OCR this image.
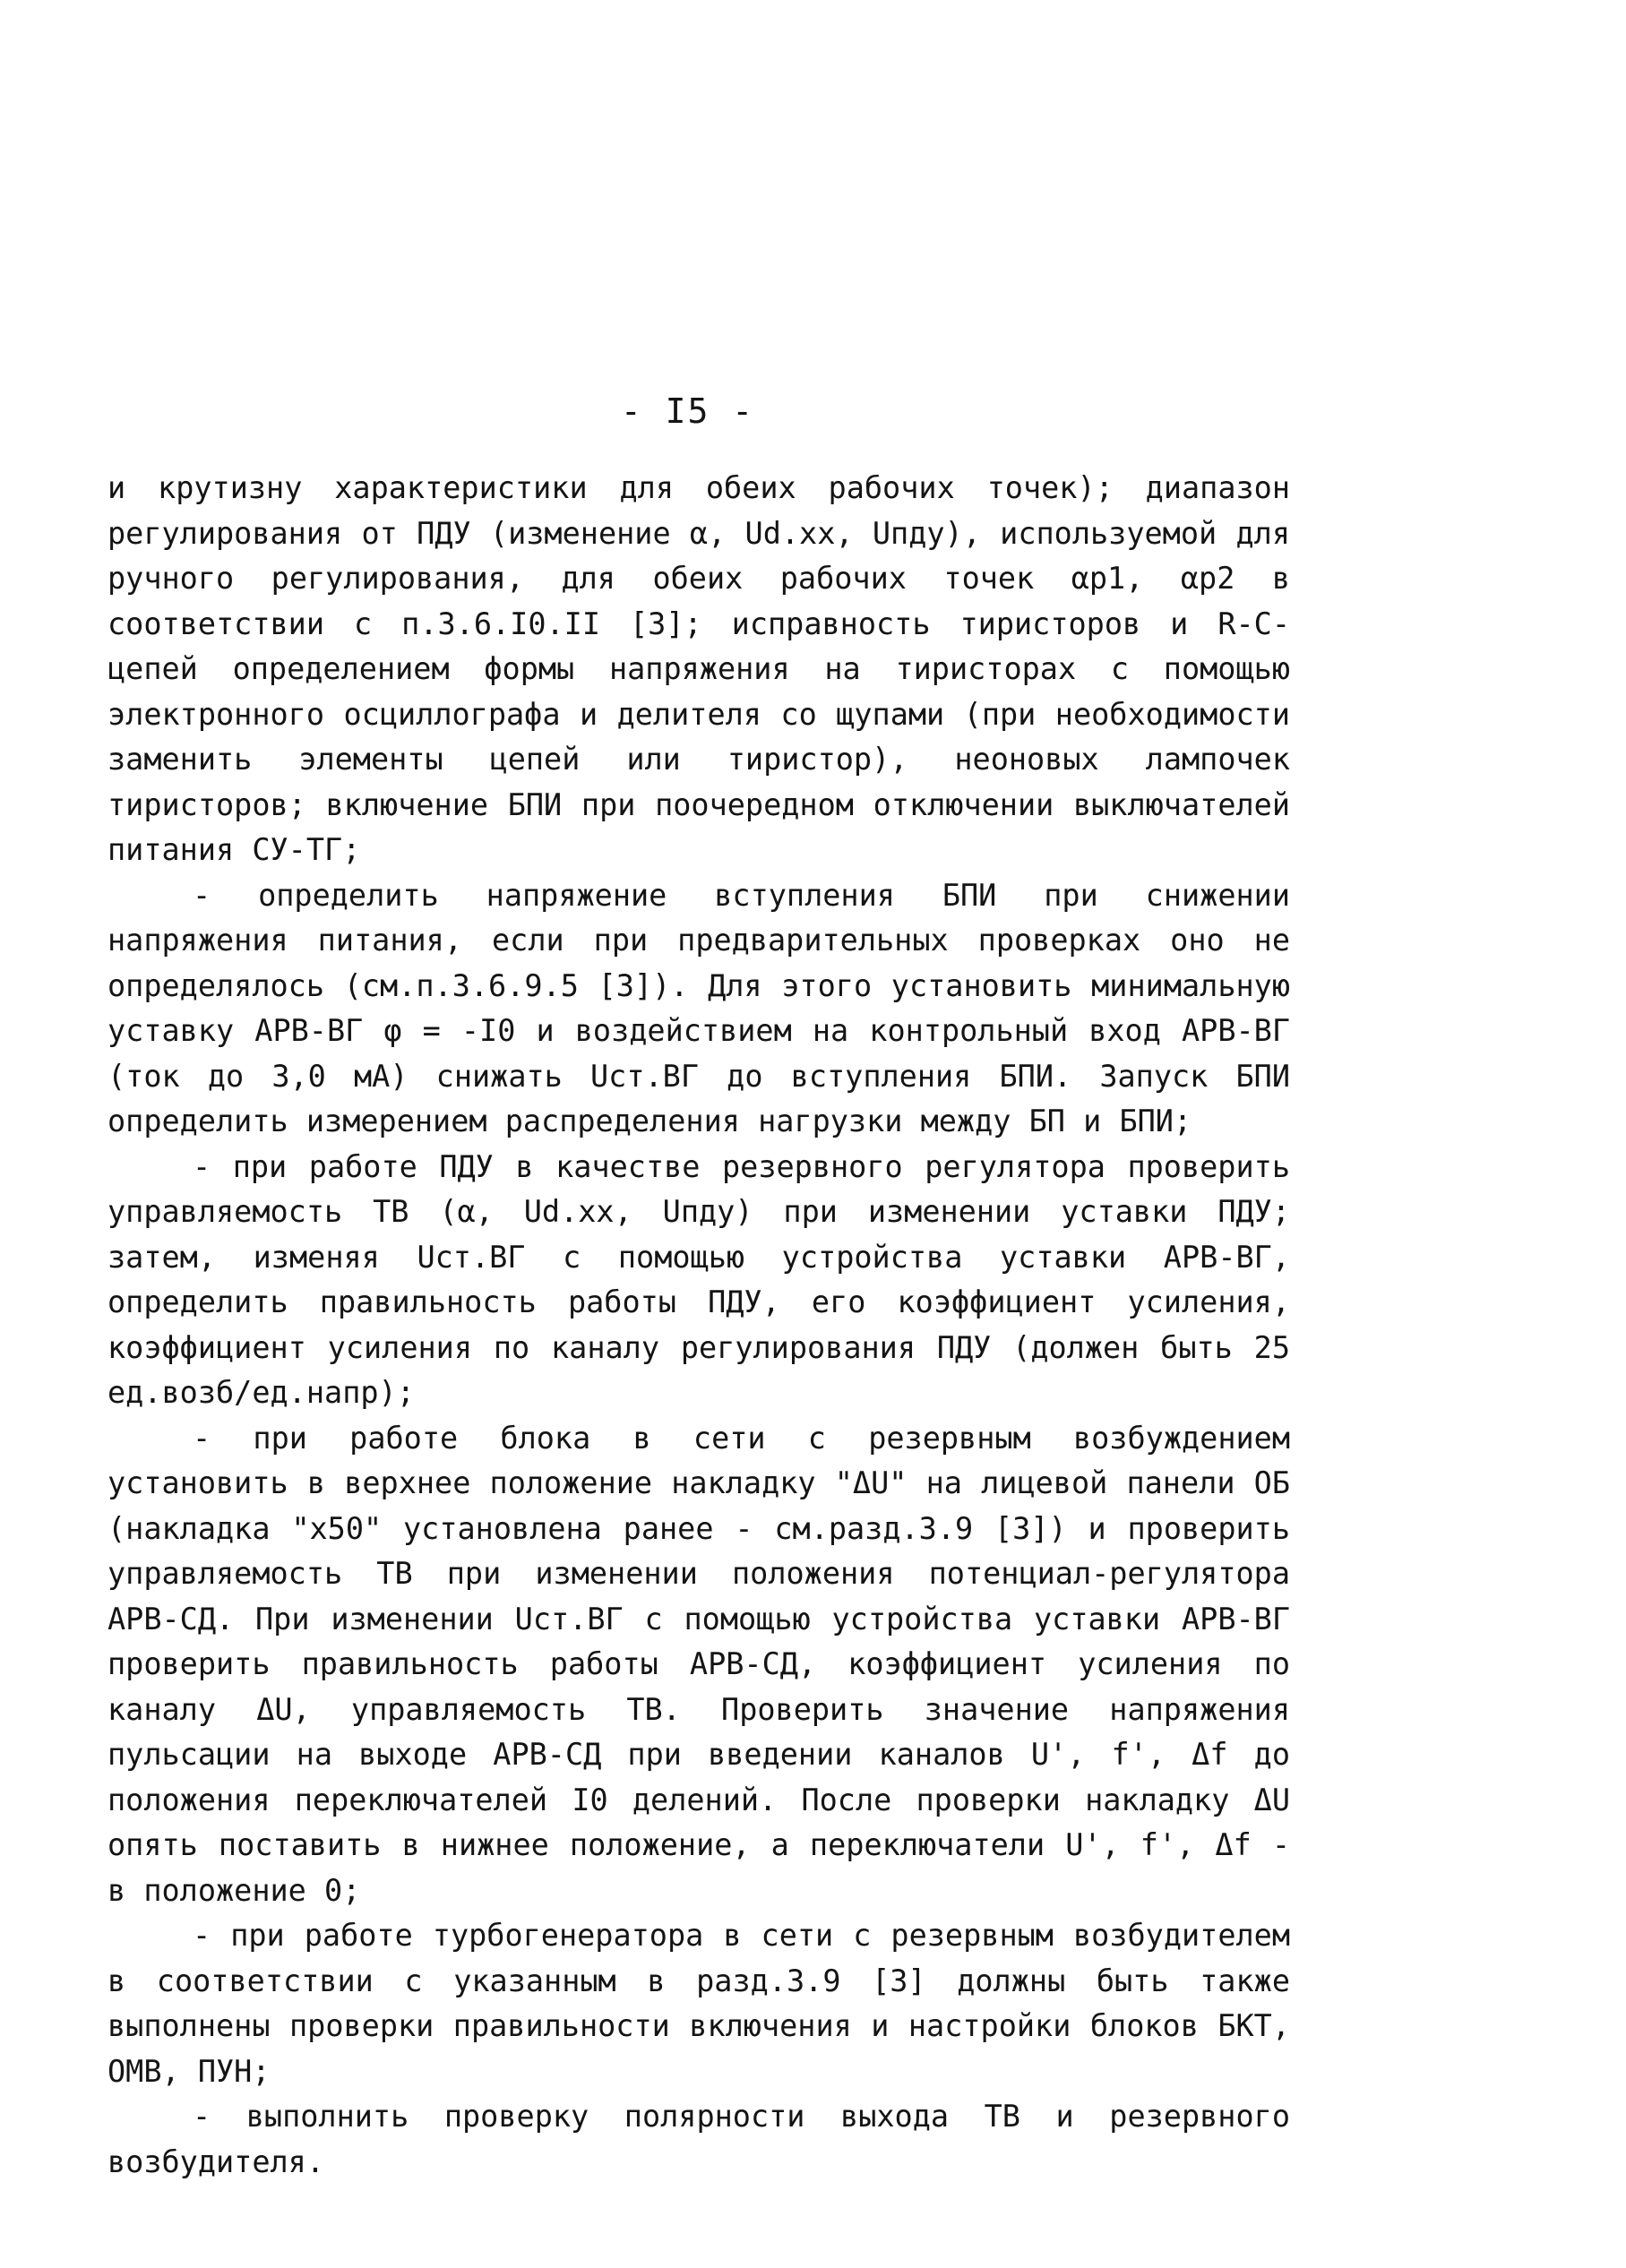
- I5 -

и крутизну характеристики для обеих рабочих точек); диапазон регулирования от ПДУ (изменение α, Ud.xx, Uпду), используемой для ручного регулирования, для обеих рабочих точек αp1, αp2 в соответствии с п.3.6.I0.II [3]; исправность тиристоров и R-C-цепей определением формы напряжения на тиристорах с помощью электронного осциллографа и делителя со щупами (при необходимости заменить элементы цепей или тиристор), неоновых лампочек тиристоров; включение БПИ при поочередном отключении выключателей питания СУ-ТГ;

- определить напряжение вступления БПИ при снижении напряжения питания, если при предварительных проверках оно не определялось (см.п.3.6.9.5 [3]). Для этого установить минимальную уставку АРВ-ВГ φ = -I0 и воздействием на контрольный вход АРВ-ВГ (ток до 3,0 мА) снижать Uст.ВГ до вступления БПИ. Запуск БПИ определить измерением распределения нагрузки между БП и БПИ;

- при работе ПДУ в качестве резервного регулятора проверить управляемость ТВ (α, Ud.xx, Uпду) при изменении уставки ПДУ; затем, изменяя Uст.ВГ с помощью устройства уставки АРВ-ВГ, определить правильность работы ПДУ, его коэффициент усиления, коэффициент усиления по каналу регулирования ПДУ (должен быть 25 ед.возб/ед.напр);

- при работе блока в сети с резервным возбуждением установить в верхнее положение накладку "ΔU" на лицевой панели ОБ (накладка "х50" установлена ранее - см.разд.3.9 [3]) и проверить управляемость ТВ при изменении положения потенциал-регулятора АРВ-СД. При изменении Uст.ВГ с помощью устройства уставки АРВ-ВГ проверить правильность работы АРВ-СД, коэффициент усиления по каналу ΔU, управляемость ТВ. Проверить значение напряжения пульсации на выходе АРВ-СД при введении каналов U', f', Δf до положения переключателей I0 делений. После проверки накладку ΔU опять поставить в нижнее положение, а переключатели U', f', Δf - в положение 0;

- при работе турбогенератора в сети с резервным возбудителем в соответствии с указанным в разд.3.9 [3] должны быть также выполнены проверки правильности включения и настройки блоков БКТ, ОМВ, ПУН;

- выполнить проверку полярности выхода ТВ и резервного возбудителя.
